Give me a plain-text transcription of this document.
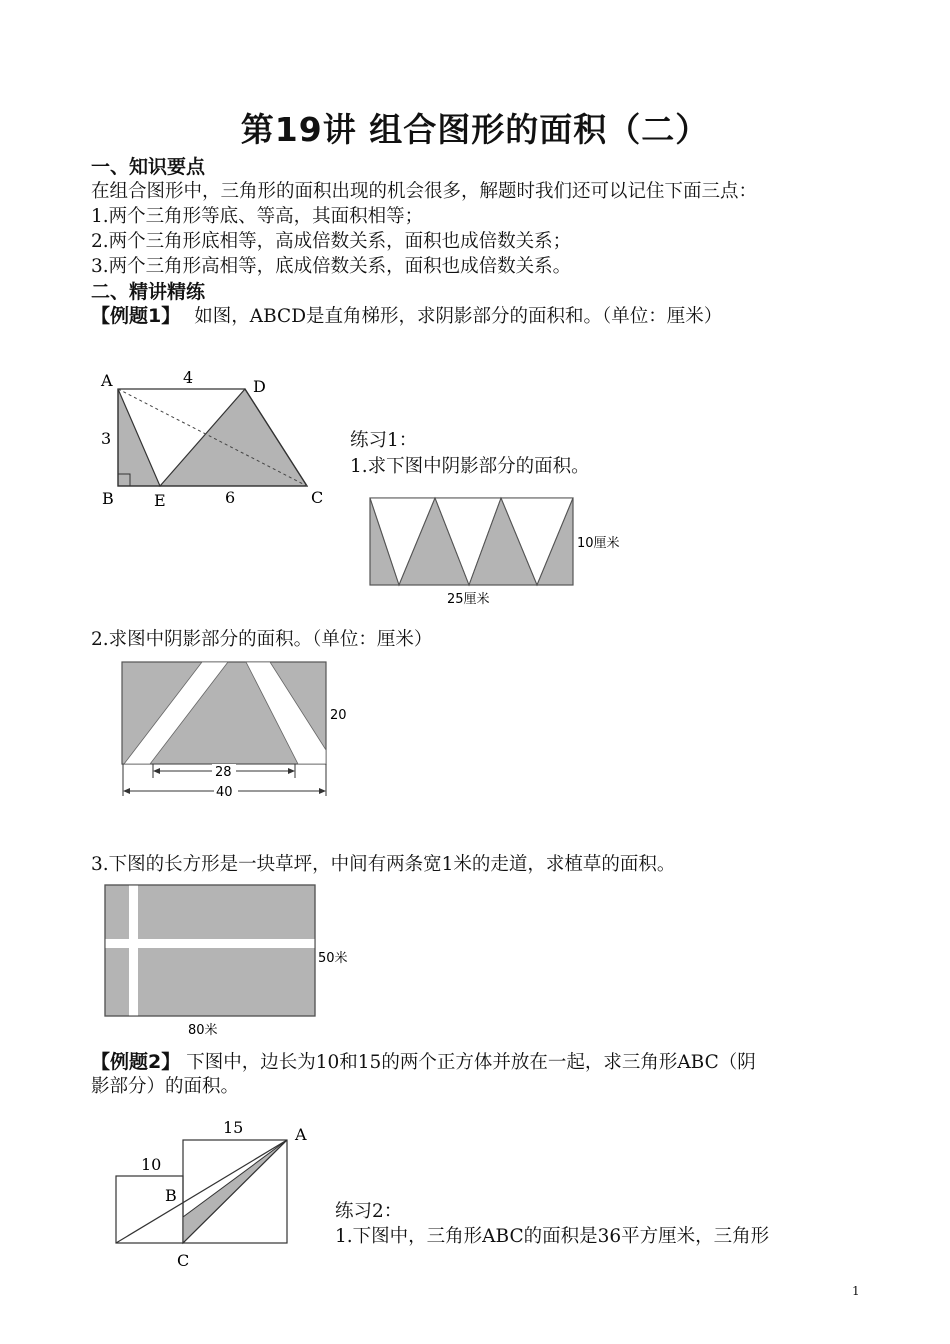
第19讲 组合图形的面积（二）
一、知识要点
在组合图形中，三角形的面积出现的机会很多，解题时我们还可以记住下面三点：
1.两个三角形等底、等高，其面积相等；
2.两个三角形底相等，高成倍数关系，面积也成倍数关系；
3.两个三角形高相等，底成倍数关系，面积也成倍数关系。
二、精讲精练
【例题1】 如图，ABCD是直角梯形，求阴影部分的面积和。（单位：厘米）
A	D
4
3
B	E	6	C
练习1：
1.求下图中阴影部分的面积。
10厘米
25厘米
2.求图中阴影部分的面积。（单位：厘米）
28
40
20
3.下图的长方形是一块草坪，中间有两条宽1米的走道，求植草的面积。
50米
80米
【例题2】 下图中，边长为10和15的两个正方体并放在一起，求三角形ABC（阴
影部分）的面积。
10
15	A
B
C
练习2：
1.下图中，三角形ABC的面积是36平方厘米，三角形
1
